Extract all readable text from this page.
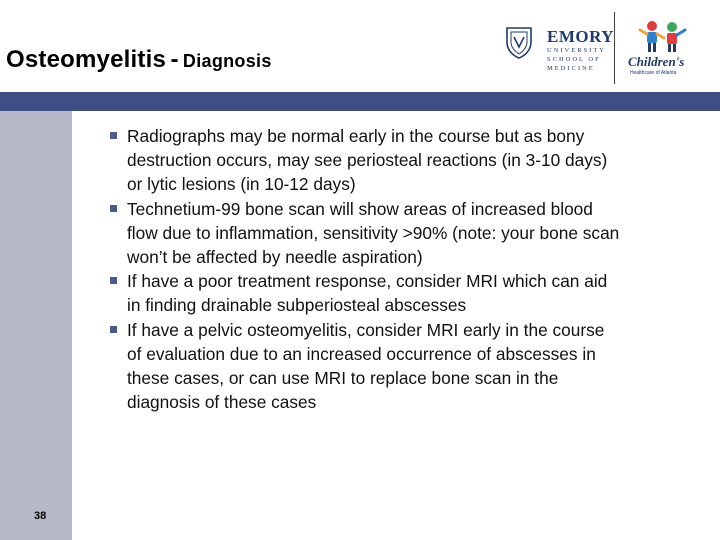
Osteomyelitis - Diagnosis
EMORY
UNIVERSITY
SCHOOL OF
MEDICINE	Children's
Healthcare of Atlanta
Radiographs may be normal early in the course but as bony destruction occurs, may see periosteal reactions (in 3-10 days) or lytic lesions (in 10-12 days)
Technetium-99 bone scan will show areas of increased blood flow due to inflammation, sensitivity >90% (note: your bone scan won’t be affected by needle aspiration)
If have a poor treatment response, consider MRI which can aid in finding drainable subperiosteal abscesses
If have a pelvic osteomyelitis, consider MRI early in the course of evaluation due to an increased occurrence of abscesses in these cases, or can use MRI to replace bone scan in the diagnosis of these cases
38
